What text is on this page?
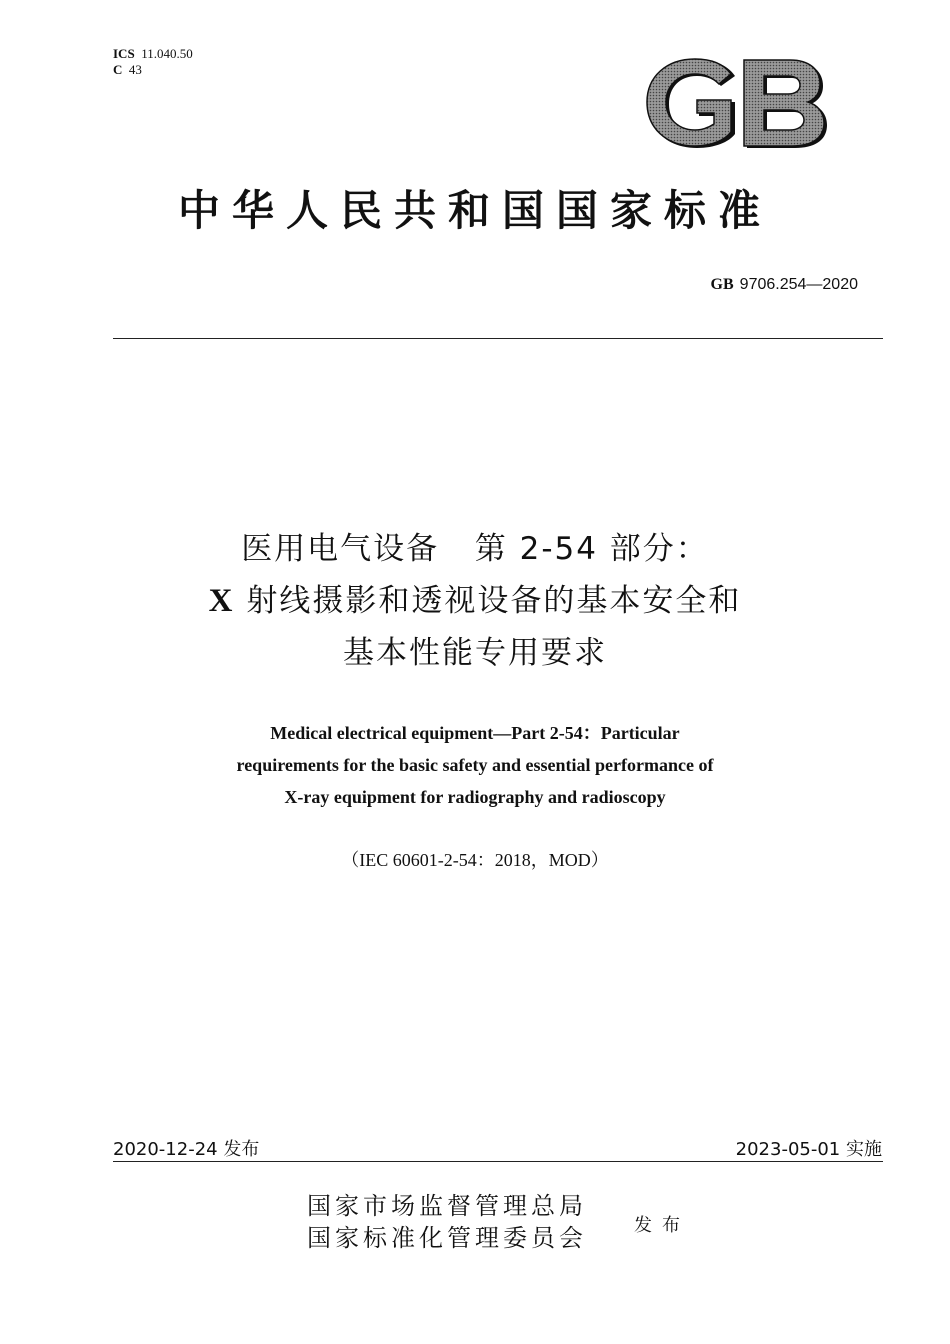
ICS 11.040.50
C 43
中华人民共和国国家标准
GB 9706.254—2020
医用电气设备   第 2-54 部分：
X 射线摄影和透视设备的基本安全和
基本性能专用要求
Medical electrical equipment—Part 2-54：Particular
requirements for the basic safety and essential performance of
X-ray equipment for radiography and radioscopy
（IEC 60601-2-54：2018，MOD）
2020-12-24 发布	2023-05-01 实施
国家市场监督管理总局
国家标准化管理委员会	发布
